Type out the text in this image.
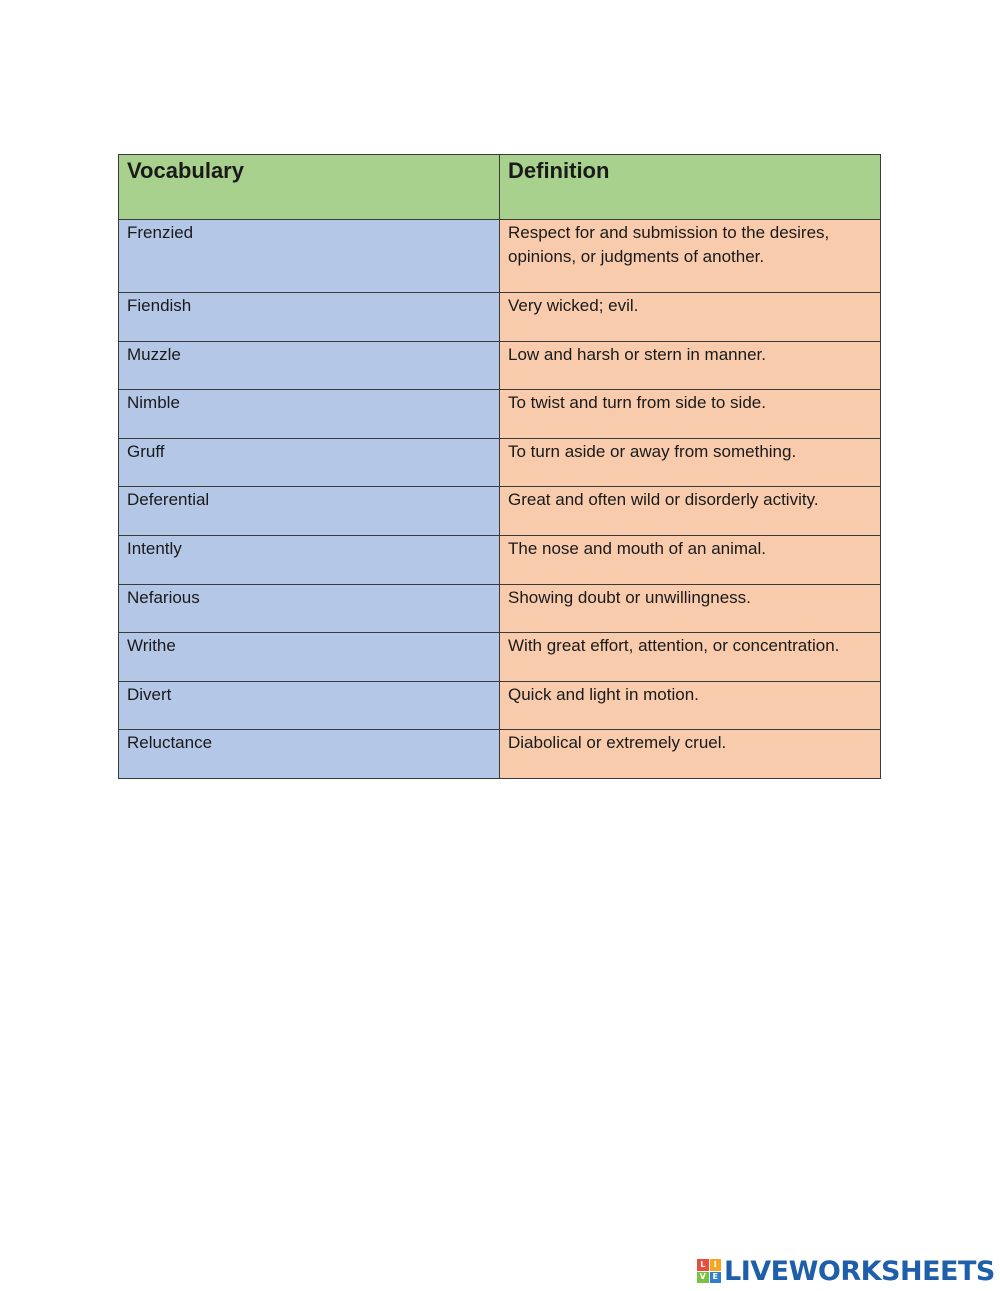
Vocabulary	Definition
Frenzied	Respect for and submission to the desires, opinions, or judgments of another.
Fiendish	Very wicked; evil.
Muzzle	Low and harsh or stern in manner.
Nimble	To twist and turn from side to side.
Gruff	To turn aside or away from something.
Deferential	Great and often wild or disorderly activity.
Intently	The nose and mouth of an animal.
Nefarious	Showing doubt or unwillingness.
Writhe	With great effort, attention, or concentration.
Divert	Quick and light in motion.
Reluctance	Diabolical or extremely cruel.
L	I
V E LIVEWORKSHEETS
